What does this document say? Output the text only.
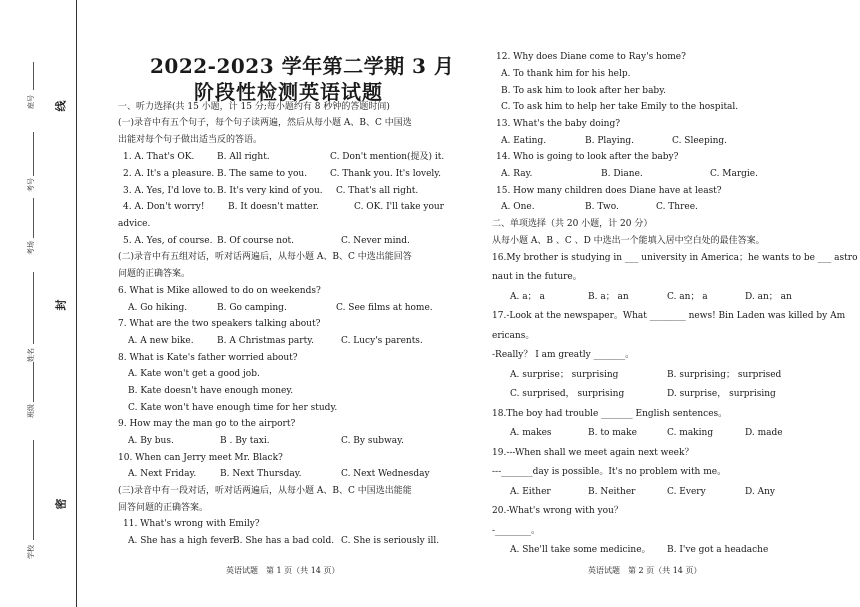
座号
考号
考场
姓名
班级
学校
线
封
密
2022-2023 学年第二学期 3 月
阶段性检测英语试题
一、听力选择(共 15 小题，计 15 分;每小题约有 8 秒钟的答题时间)
(一)录音中有五个句子，每个句子读两遍，然后从每小题 A、B、C 中国选
出能对每个句子做出适当反的答语。
1. A. That's OK.	B. All right.	C. Don't mention(提及) it.
2. A. It's a pleasure. B. The same to you.	C. Thank you. It's lovely.
3. A. Yes, I'd love to. B. It's very kind of you. C. That's all right.
4. A. Don't worry!	B. It doesn't matter.	C. OK. I'll take your
advice.
5. A. Yes, of course. B. Of course not.	C. Never mind.
(二)录音中有五组对话，听对话两遍后，从每小题 A、B、C 中选出能回答
问题的正确答案。
6. What is Mike allowed to do on weekends?
A. Go hiking.	B. Go camping.	C. See films at home.
7. What are the two speakers talking about?
A. A new bike.	B. A Christmas party.	C. Lucy's parents.
8. What is Kate's father worried about?
A. Kate won't get a good job.
B. Kate doesn't have enough money.
C. Kate won't have enough time for her study.
9. How may the man go to the airport?
A. By bus.	B . By taxi.	C. By subway.
10. When can Jerry meet Mr. Black?
A. Next Friday.	B. Next Thursday.	C. Next Wednesday
(三)录音中有一段对话，听对话两遍后，从每小题 A、B、C 中国选出能能
回答问题的正确答案。
11. What's wrong with Emily?
A. She has a high fever.
B. She has a bad cold. C. She is seriously ill.
12. Why does Diane come to Ray's home?
A. To thank him for his help.
B. To ask him to look after her baby.
C. To ask him to help her take Emily to the hospital.
13. What's the baby doing?
A. Eating.	B. Playing.	C. Sleeping.
14. Who is going to look after the baby?
A. Ray.	B. Diane.	C. Margie.
15. How many children does Diane have at least?
A. One.	B. Two.	C. Three.
二、单项选择（共 20 小题，计 20 分）
从每小题 A、B 、C 、D 中选出一个能填入居中空白处的最佳答案。
16.My brother is studying in ___ university in America；he wants to be ___ astro
naut in the future。
A. a； a	B. a； an	C. an； a	D. an； an
17.-Look at the newspaper。What ________ news! Bin Laden was killed by Am
ericans。
-Really？ I am greatly _______。
A. surprise； surprising	B. surprising； surprised
C. surprised， surprising	D. surprise， surprising
18.The boy had trouble _______ English sentences。
A. makes	B. to make	C. making	D. made
19.---When shall we meet again next week？
---_______day is possible。It's no problem with me。
A. Either	B. Neither	C. Every	D. Any
20.-What's wrong with you？
-________。
A. She'll take some medicine。 B. I've got a headache
英语试题　第 1 页（共 14 页）	英语试题　第 2 页（共 14 页）
